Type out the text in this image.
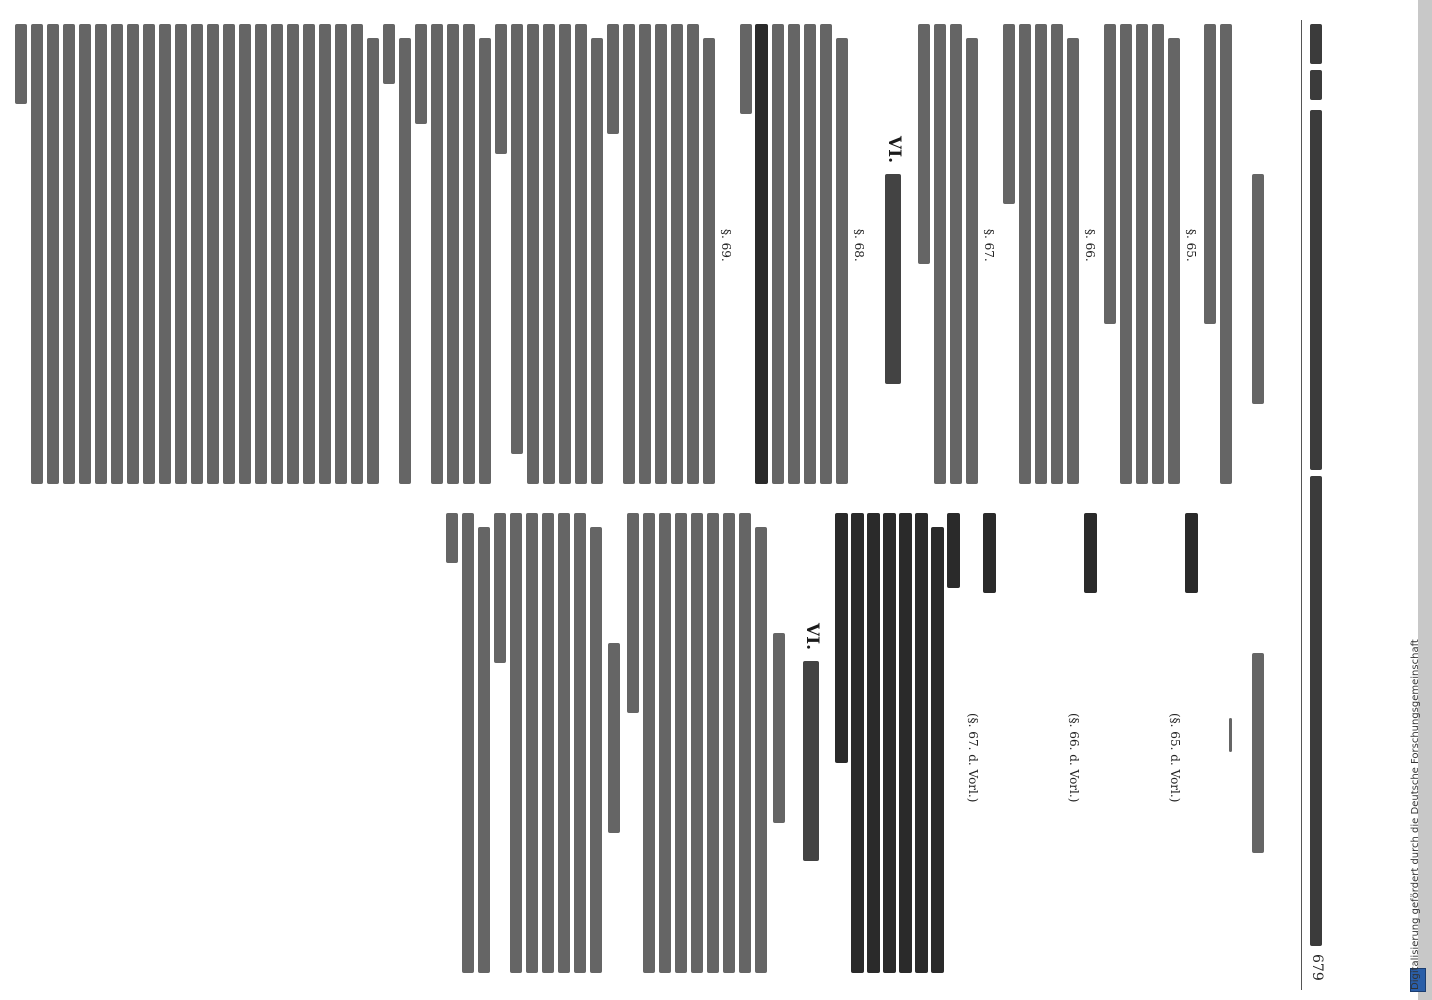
679
§. 65.
§. 66.
§. 67.
VI.
§. 68.
§. 69.
(§. 65. d. Vorl.)
(§. 66. d. Vorl.)
(§. 67. d. Vorl.)
VI.
Digitalisierung gefördert durch die Deutsche Forschungsgemeinschaft
